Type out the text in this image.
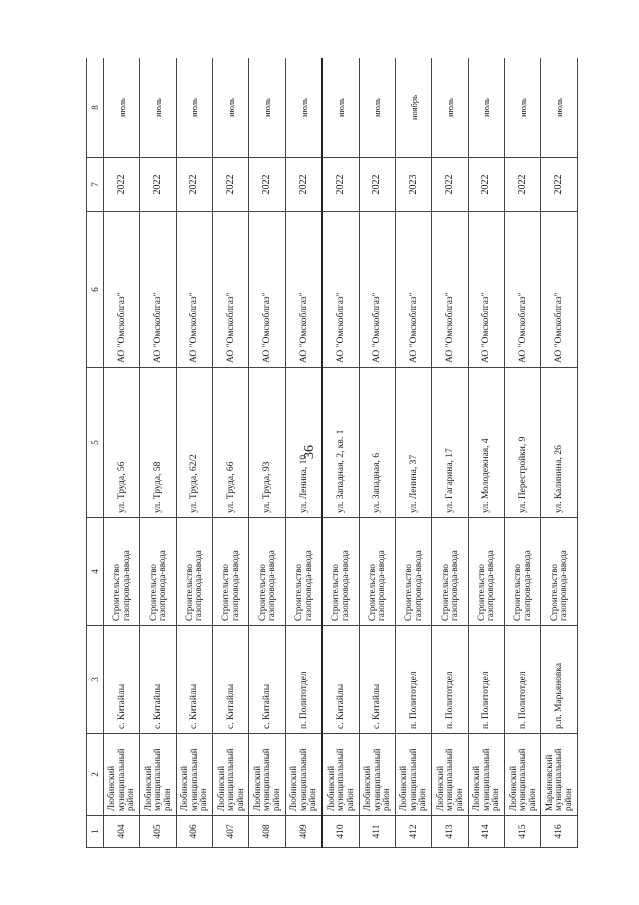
36
1	2	3	4	5	6	7	8
404	Любинский муниципальный район	с. Китайлы	Строительство газопровода-ввода	ул. Труда, 56	АО "Омскоблгаз"	2022	июль
405	Любинский муниципальный район	с. Китайлы	Строительство газопровода-ввода	ул. Труда, 58	АО "Омскоблгаз"	2022	июль
406	Любинский муниципальный район	с. Китайлы	Строительство газопровода-ввода	ул. Труда, 62/2	АО "Омскоблгаз"	2022	июль
407	Любинский муниципальный район	с. Китайлы	Строительство газопровода-ввода	ул. Труда, 66	АО "Омскоблгаз"	2022	июль
408	Любинский муниципальный район	с. Китайлы	Строительство газопровода-ввода	ул. Труда, 93	АО "Омскоблгаз"	2022	июль
409	Любинский муниципальный район	п. Политотдел	Строительство газопровода-ввода	ул. Ленина, 10	АО "Омскоблгаз"	2022	июль
410	Любинский муниципальный район	с. Китайлы	Строительство газопровода-ввода	ул. Западная, 2, кв. 1	АО "Омскоблгаз"	2022	июль
411	Любинский муниципальный район	с. Китайлы	Строительство газопровода-ввода	ул. Западная, 6	АО "Омскоблгаз"	2022	июль
412	Любинский муниципальный район	п. Политотдел	Строительство газопровода-ввода	ул. Ленина, 37	АО "Омскоблгаз"	2023	ноябрь
413	Любинский муниципальный район	п. Политотдел	Строительство газопровода-ввода	ул. Гагарина, 17	АО "Омскоблгаз"	2022	июль
414	Любинский муниципальный район	п. Политотдел	Строительство газопровода-ввода	ул. Молодежная, 4	АО "Омскоблгаз"	2022	июль
415	Любинский муниципальный район	п. Политотдел	Строительство газопровода-ввода	ул. Перестройки, 9	АО "Омскоблгаз"	2022	июль
416	Марьяновский муниципальный район	р.п. Марьяновка	Строительство газопровода-ввода	ул. Калинина, 26	АО "Омскоблгаз"	2022	июль
